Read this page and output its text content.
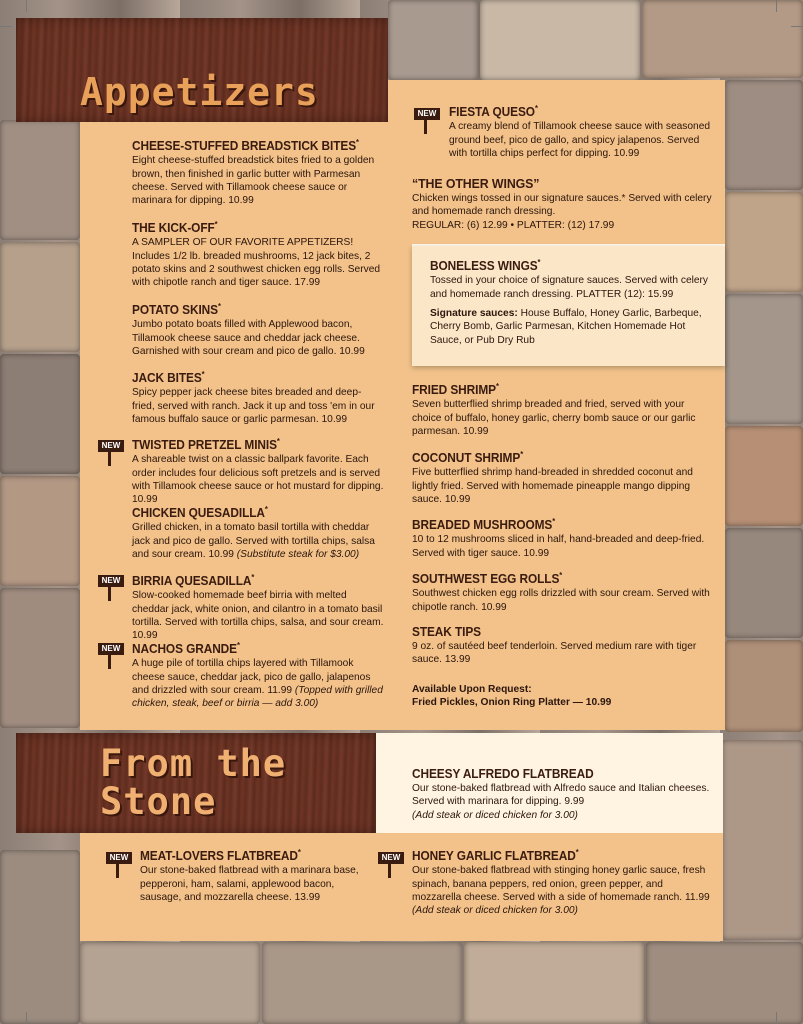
Appetizers
CHEESE-STUFFED BREADSTICK BITES*

Eight cheese-stuffed breadstick bites fried to a golden brown, then finished in garlic butter with Parmesan cheese. Served with Tillamook cheese sauce or marinara for dipping. 10.99

THE KICK-OFF*

A SAMPLER OF OUR FAVORITE APPETIZERS! Includes 1/2 lb. breaded mushrooms, 12 jack bites, 2 potato skins and 2 southwest chicken egg rolls. Served with chipotle ranch and tiger sauce. 17.99

POTATO SKINS*

Jumbo potato boats filled with Applewood bacon, Tillamook cheese sauce and cheddar jack cheese. Garnished with sour cream and pico de gallo. 10.99

JACK BITES*

Spicy pepper jack cheese bites breaded and deep-fried, served with ranch. Jack it up and toss 'em in our famous buffalo sauce or garlic parmesan. 10.99

NEW TWISTED PRETZEL MINIS*

A shareable twist on a classic ballpark favorite. Each order includes four delicious soft pretzels and is served with Tillamook cheese sauce or hot mustard for dipping. 10.99

CHICKEN QUESADILLA*

Grilled chicken, in a tomato basil tortilla with cheddar jack and pico de gallo. Served with tortilla chips, salsa and sour cream. 10.99 (Substitute steak for $3.00)

NEW BIRRIA QUESADILLA*

Slow-cooked homemade beef birria with melted cheddar jack, white onion, and cilantro in a tomato basil tortilla. Served with tortilla chips, salsa, and sour cream. 10.99

NEW NACHOS GRANDE*

A huge pile of tortilla chips layered with Tillamook cheese sauce, cheddar jack, pico de gallo, jalapenos and drizzled with sour cream. 11.99 (Topped with grilled chicken, steak, beef or birria — add 3.00)

NEW FIESTA QUESO*

A creamy blend of Tillamook cheese sauce with seasoned ground beef, pico de gallo, and spicy jalapenos. Served with tortilla chips perfect for dipping. 10.99

“THE OTHER WINGS”

Chicken wings tossed in our signature sauces.* Served with celery and homemade ranch dressing.

REGULAR: (6) 12.99 • PLATTER: (12) 17.99

BONELESS WINGS*

Tossed in your choice of signature sauces. Served with celery and homemade ranch dressing. PLATTER (12): 15.99

Signature sauces: House Buffalo, Honey Garlic, Barbeque, Cherry Bomb, Garlic Parmesan, Kitchen Homemade Hot Sauce, or Pub Dry Rub

FRIED SHRIMP*

Seven butterflied shrimp breaded and fried, served with your choice of buffalo, honey garlic, cherry bomb sauce or our garlic parmesan. 10.99

COCONUT SHRIMP*

Five butterflied shrimp hand-breaded in shredded coconut and lightly fried. Served with homemade pineapple mango dipping sauce. 10.99

BREADED MUSHROOMS*

10 to 12 mushrooms sliced in half, hand-breaded and deep-fried. Served with tiger sauce. 10.99

SOUTHWEST EGG ROLLS*

Southwest chicken egg rolls drizzled with sour cream. Served with chipotle ranch. 10.99

STEAK TIPS

9 oz. of sautéed beef tenderloin. Served medium rare with tiger sauce. 13.99

Available Upon Request:

Fried Pickles, Onion Ring Platter — 10.99

From the
Stone
CHEESY ALFREDO FLATBREAD

Our stone-baked flatbread with Alfredo sauce and Italian cheeses. Served with marinara for dipping. 9.99
(Add steak or diced chicken for 3.00)

NEW MEAT-LOVERS FLATBREAD*

Our stone-baked flatbread with a marinara base, pepperoni, ham, salami, applewood bacon, sausage, and mozzarella cheese. 13.99

NEW HONEY GARLIC FLATBREAD*

Our stone-baked flatbread with stinging honey garlic sauce, fresh spinach, banana peppers, red onion, green pepper, and mozzarella cheese. Served with a side of homemade ranch. 11.99 (Add steak or diced chicken for 3.00)
